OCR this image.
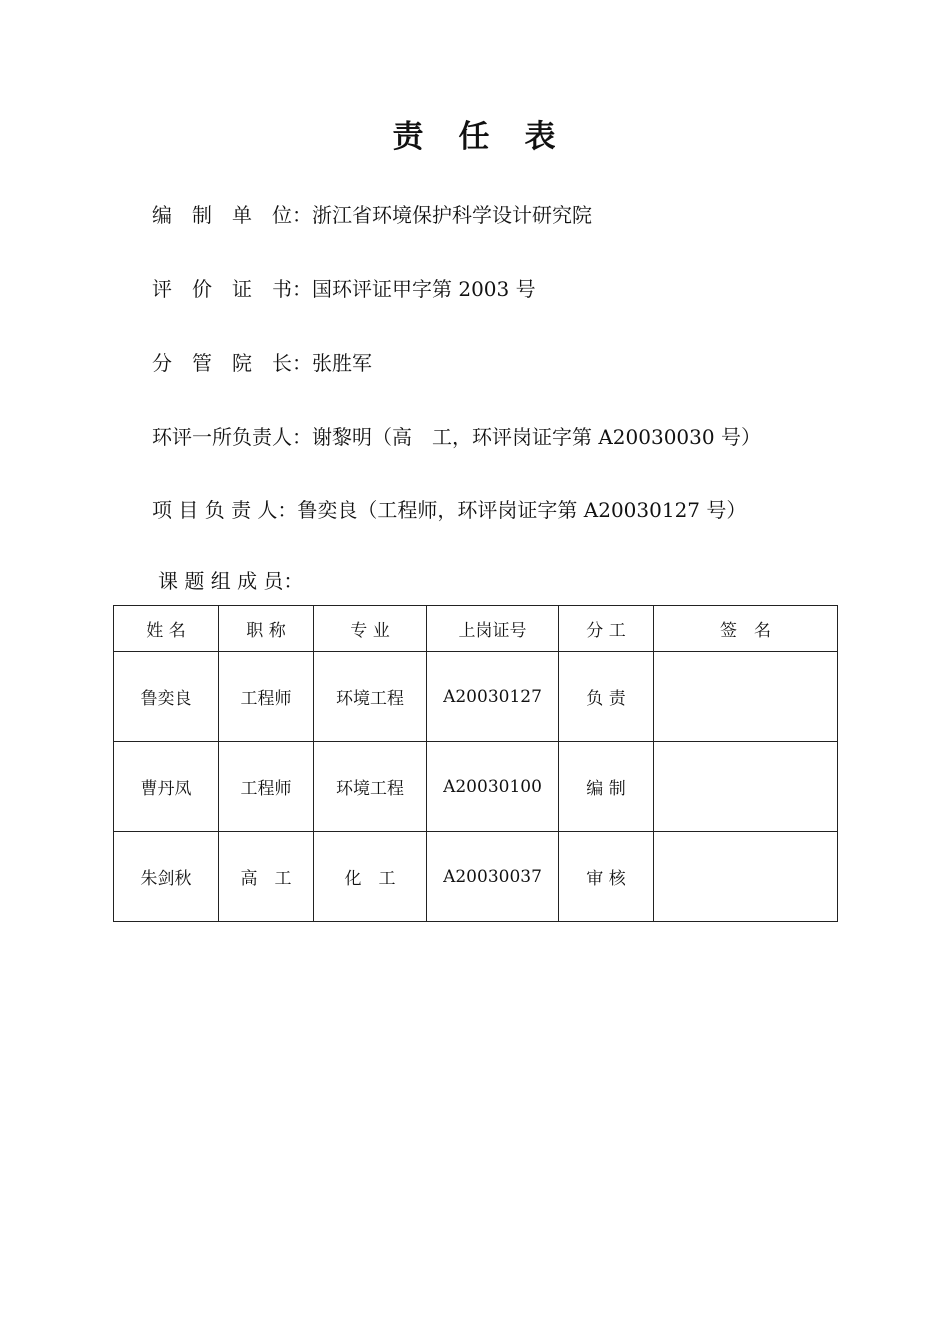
责　任　表
编　制　单　位：浙江省环境保护科学设计研究院
评　价　证　书：国环评证甲字第 2003 号
分　管　院　长：张胜军
环评一所负责人：谢黎明（高　工，环评岗证字第 A20030030 号）
项 目 负 责 人：鲁奕良（工程师，环评岗证字第 A20030127 号）
课 题 组 成 员：
姓 名	职 称	专 业	上岗证号	分 工	签　名
鲁奕良	工程师	环境工程	A20030127	负 责	
曹丹凤	工程师	环境工程	A20030100	编 制	
朱剑秋	高　工	化　工	A20030037	审 核	
